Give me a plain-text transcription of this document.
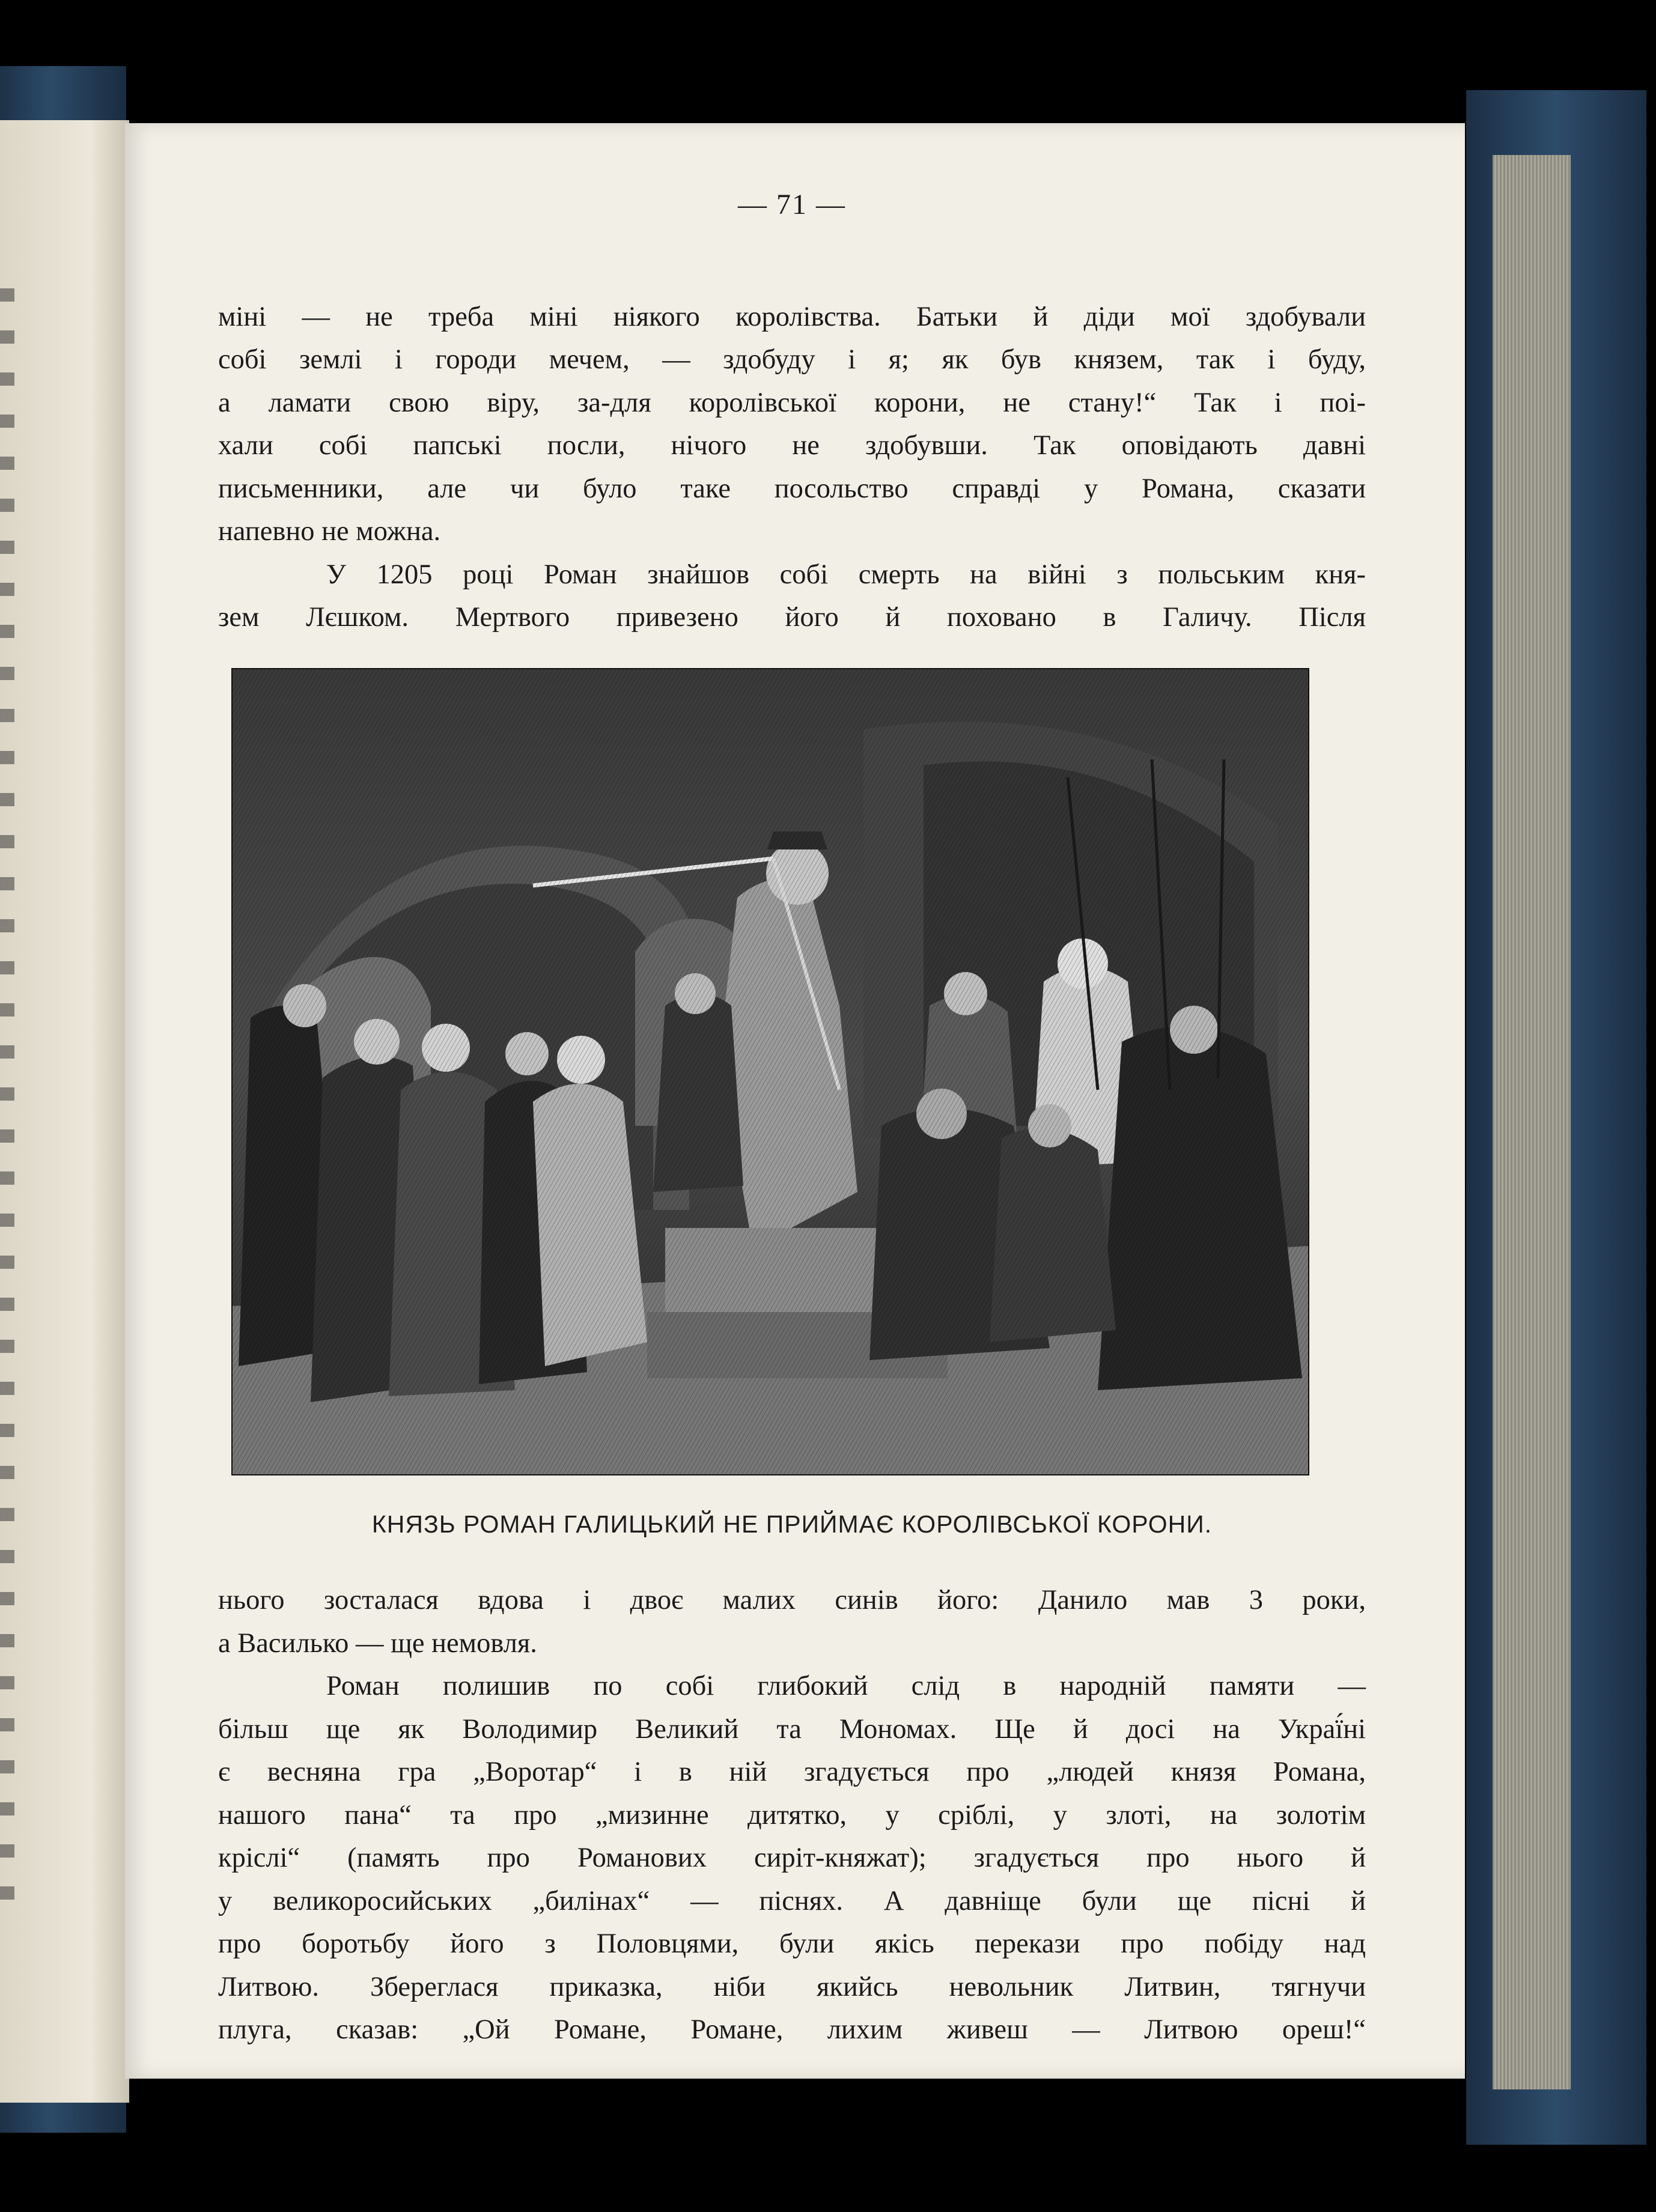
— 71 —

міні — не треба міні ніякого королівства. Батьки й діди мої здобували
собі землі і городи мечем, — здобуду і я; як був князем, так і буду,
а ламати свою віру, за-для королівської корони, не стану!“ Так і поі-
хали собі папські посли, нічого не здобувши. Так оповідають давні
письменники, але чи було таке посольство справді у Романа, сказати
напевно не можна.

У 1205 році Роман знайшов собі смерть на війні з польським кня-
зем Лєшком. Мертвого привезено його й поховано в Галичу. Після

КНЯЗЬ РОМАН ГАЛИЦЬКИЙ НЕ ПРИЙМАЄ КОРОЛІВСЬКОЇ КОРОНИ.

нього зосталася вдова і двоє малих синів його: Данило мав 3 роки,
а Василько — ще немовля.

Роман полишив по собі глибокий слід в народній памяти —
більш ще як Володимир Великий та Мономах. Ще й досі на Украї́ні
є весняна гра „Воротар“ і в ній згадується про „людей князя Романа,
нашого пана“ та про „мизинне дитятко, у сріблі, у злоті, на золотім
кріслі“ (память про Романових сиріт-княжат); згадується про нього й
у великоросийських „билінах“ — піснях. А давніще були ще пісні й
про боротьбу його з Половцями, були якісь перекази про побіду над
Литвою. Збереглася приказка, ніби якийсь невольник Литвин, тягнучи
плуга, сказав: „Ой Романе, Романе, лихим живеш — Литвою ореш!“
